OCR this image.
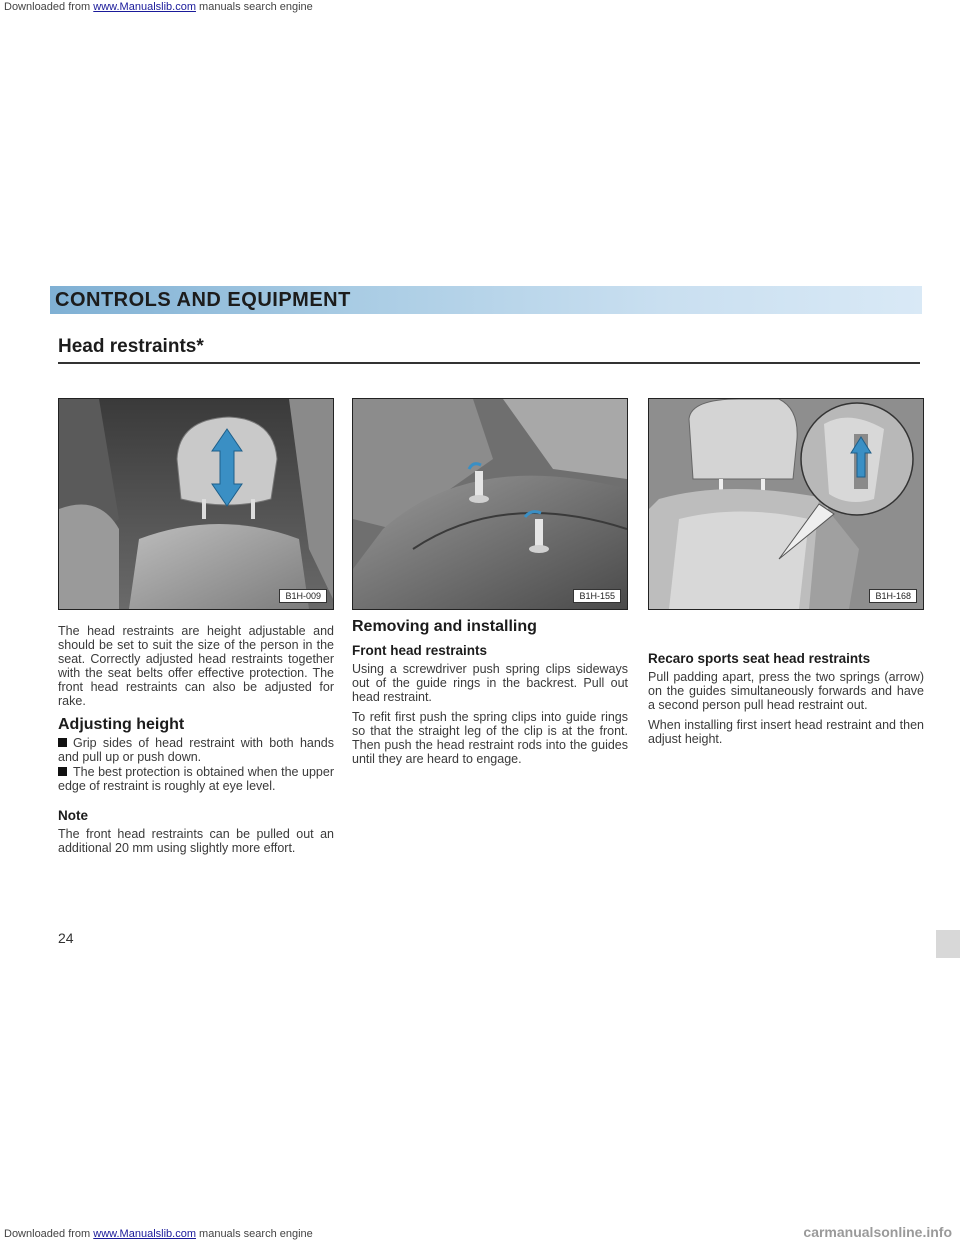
Downloaded from www.Manualslib.com manuals search engine
CONTROLS AND EQUIPMENT
Head restraints*
B1H-009	B1H-155	B1H-168

The head restraints are height adjustable and should be set to suit the size of the person in the seat. Correctly adjusted head restraints together with the seat belts offer effective protection. The front head restraints can also be adjusted for rake.

Adjusting height

Grip sides of head restraint with both hands and pull up or push down.

The best protection is obtained when the upper edge of restraint is roughly at eye level.

Note

The front head restraints can be pulled out an additional 20 mm using slightly more effort.

Removing and installing
Front head restraints

Using a screwdriver push spring clips sideways out of the guide rings in the backrest. Pull out head restraint.

To refit first push the spring clips into guide rings so that the straight leg of the clip is at the front. Then push the head restraint rods into the guides until they are heard to engage.

Recaro sports seat head restraints

Pull padding apart, press the two springs (arrow) on the guides simultaneously forwards and have a second person pull head restraint out.

When installing first insert head restraint and then adjust height.

24
Downloaded from www.Manualslib.com manuals search engine	carmanualsonline.info
